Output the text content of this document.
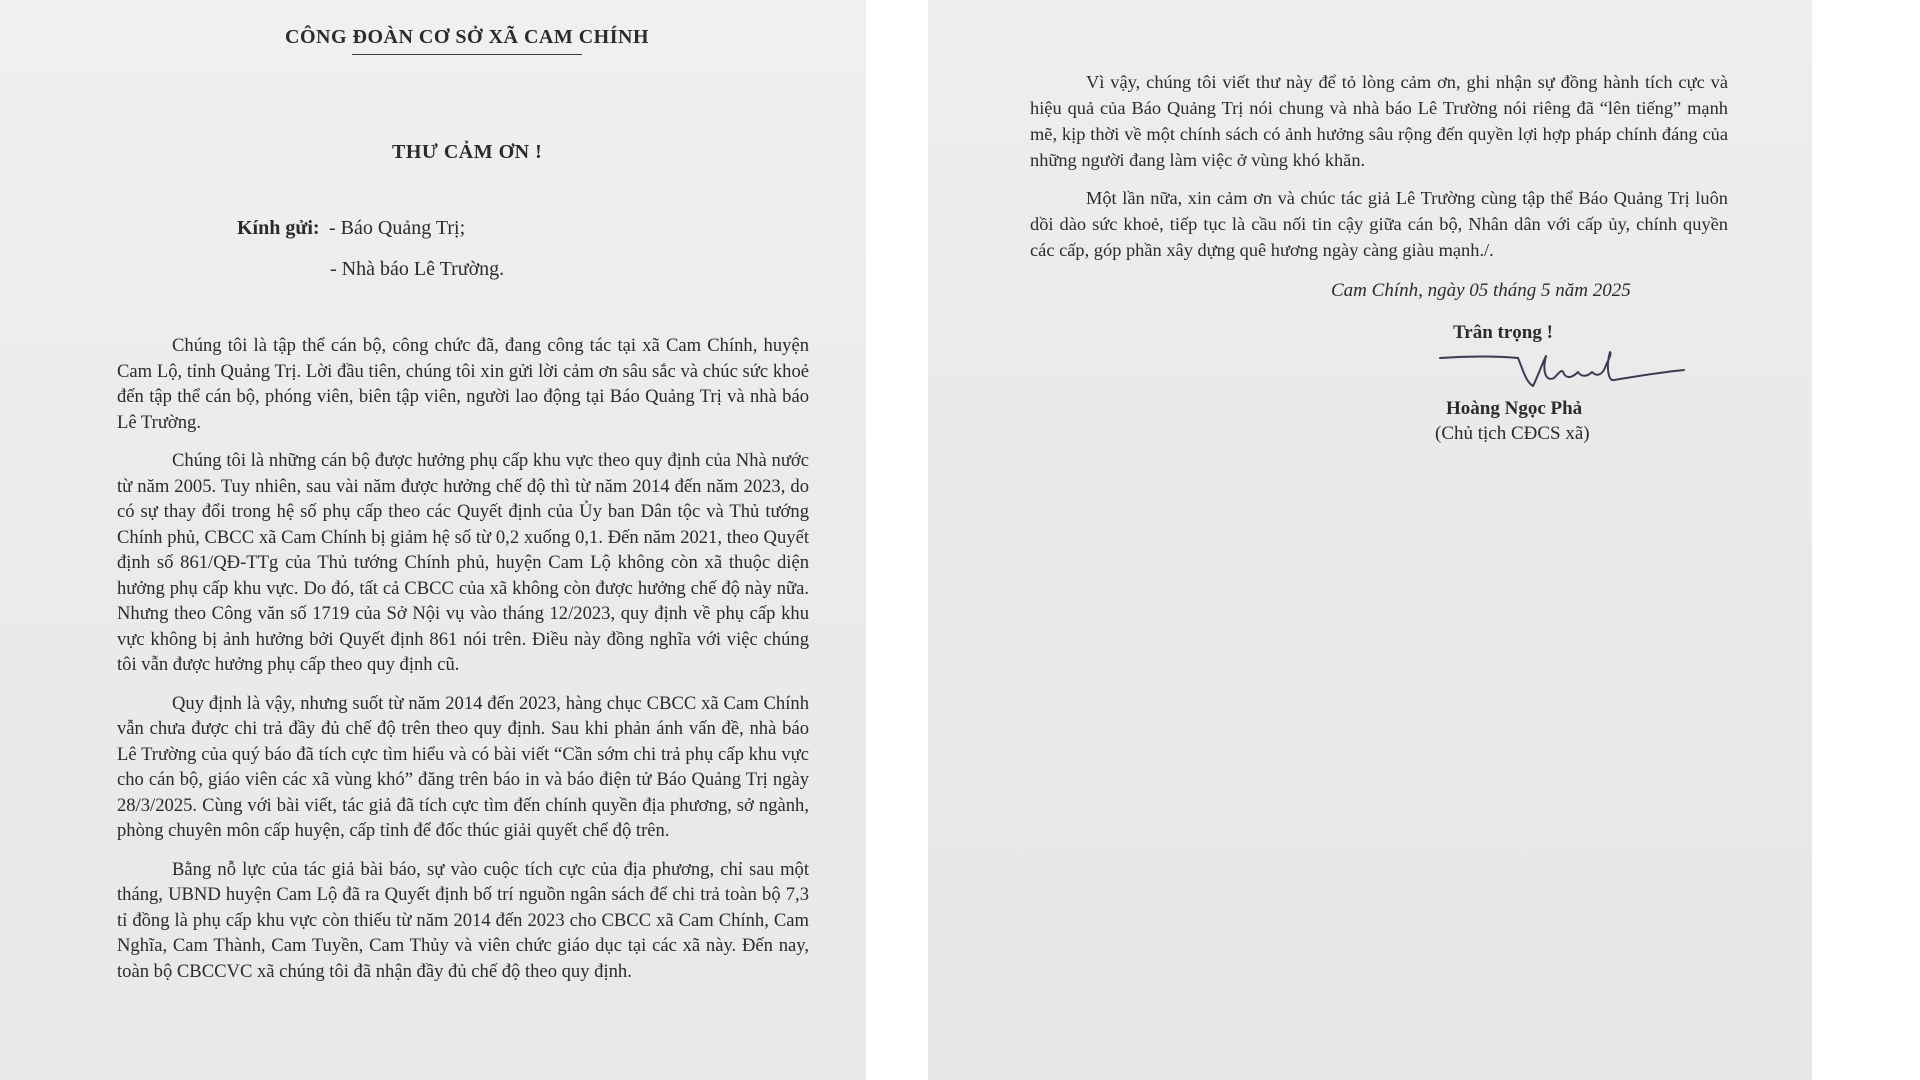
CÔNG ĐOÀN CƠ SỞ XÃ CAM CHÍNH
THƯ CẢM ƠN !
Kính gửi: - Báo Quảng Trị;
- Nhà báo Lê Trường.

Chúng tôi là tập thể cán bộ, công chức đã, đang công tác tại xã Cam Chính, huyện Cam Lộ, tỉnh Quảng Trị. Lời đầu tiên, chúng tôi xin gửi lời cảm ơn sâu sắc và chúc sức khoẻ đến tập thể cán bộ, phóng viên, biên tập viên, người lao động tại Báo Quảng Trị và nhà báo Lê Trường.

Chúng tôi là những cán bộ được hưởng phụ cấp khu vực theo quy định của Nhà nước từ năm 2005. Tuy nhiên, sau vài năm được hưởng chế độ thì từ năm 2014 đến năm 2023, do có sự thay đổi trong hệ số phụ cấp theo các Quyết định của Ủy ban Dân tộc và Thủ tướng Chính phủ, CBCC xã Cam Chính bị giảm hệ số từ 0,2 xuống 0,1. Đến năm 2021, theo Quyết định số 861/QĐ-TTg của Thủ tướng Chính phủ, huyện Cam Lộ không còn xã thuộc diện hưởng phụ cấp khu vực. Do đó, tất cả CBCC của xã không còn được hưởng chế độ này nữa. Nhưng theo Công văn số 1719 của Sở Nội vụ vào tháng 12/2023, quy định về phụ cấp khu vực không bị ảnh hưởng bởi Quyết định 861 nói trên. Điều này đồng nghĩa với việc chúng tôi vẫn được hưởng phụ cấp theo quy định cũ.

Quy định là vậy, nhưng suốt từ năm 2014 đến 2023, hàng chục CBCC xã Cam Chính vẫn chưa được chi trả đầy đủ chế độ trên theo quy định. Sau khi phản ánh vấn đề, nhà báo Lê Trường của quý báo đã tích cực tìm hiểu và có bài viết “Cần sớm chi trả phụ cấp khu vực cho cán bộ, giáo viên các xã vùng khó” đăng trên báo in và báo điện tử Báo Quảng Trị ngày 28/3/2025. Cùng với bài viết, tác giả đã tích cực tìm đến chính quyền địa phương, sở ngành, phòng chuyên môn cấp huyện, cấp tỉnh để đốc thúc giải quyết chế độ trên.

Bằng nỗ lực của tác giả bài báo, sự vào cuộc tích cực của địa phương, chỉ sau một tháng, UBND huyện Cam Lộ đã ra Quyết định bố trí nguồn ngân sách để chi trả toàn bộ 7,3 tỉ đồng là phụ cấp khu vực còn thiếu từ năm 2014 đến 2023 cho CBCC xã Cam Chính, Cam Nghĩa, Cam Thành, Cam Tuyền, Cam Thủy và viên chức giáo dục tại các xã này. Đến nay, toàn bộ CBCCVC xã chúng tôi đã nhận đầy đủ chế độ theo quy định.

Vì vậy, chúng tôi viết thư này để tỏ lòng cảm ơn, ghi nhận sự đồng hành tích cực và hiệu quả của Báo Quảng Trị nói chung và nhà báo Lê Trường nói riêng đã “lên tiếng” mạnh mẽ, kịp thời về một chính sách có ảnh hưởng sâu rộng đến quyền lợi hợp pháp chính đáng của những người đang làm việc ở vùng khó khăn.

Một lần nữa, xin cảm ơn và chúc tác giả Lê Trường cùng tập thể Báo Quảng Trị luôn dồi dào sức khoẻ, tiếp tục là cầu nối tin cậy giữa cán bộ, Nhân dân với cấp ủy, chính quyền các cấp, góp phần xây dựng quê hương ngày càng giàu mạnh./.

Cam Chính, ngày 05 tháng 5 năm 2025
Trân trọng !
Hoàng Ngọc Phả
(Chủ tịch CĐCS xã)
